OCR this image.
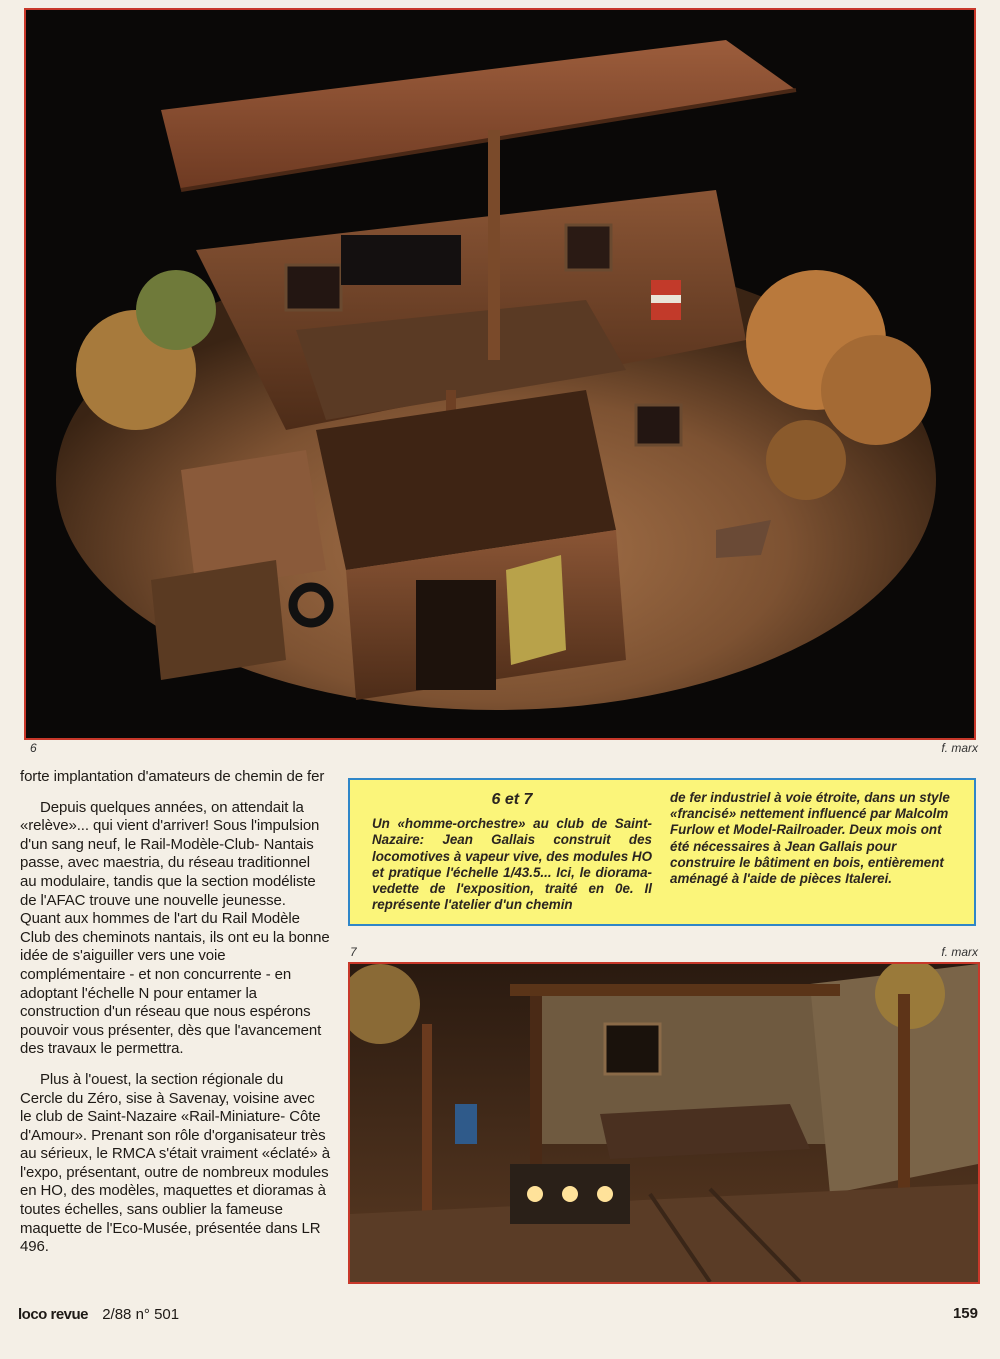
6	f. marx

forte implantation d'amateurs de chemin de fer

Depuis quelques années, on attendait la «relève»... qui vient d'arriver! Sous l'impulsion d'un sang neuf, le Rail-Modèle-Club- Nantais passe, avec maestria, du réseau traditionnel au modulaire, tandis que la section modéliste de l'AFAC trouve une nouvelle jeunesse. Quant aux hommes de l'art du Rail Modèle Club des cheminots nantais, ils ont eu la bonne idée de s'aiguiller vers une voie complémentaire - et non concurrente - en adoptant l'échelle N pour entamer la construction d'un réseau que nous espérons pouvoir vous présenter, dès que l'avancement des travaux le permettra.

Plus à l'ouest, la section régionale du Cercle du Zéro, sise à Savenay, voisine avec le club de Saint-Nazaire «Rail-Miniature- Côte d'Amour». Prenant son rôle d'organisateur très au sérieux, le RMCA s'était vraiment «éclaté» à l'expo, présentant, outre de nombreux modules en HO, des modèles, maquettes et dioramas à toutes échelles, sans oublier la fameuse maquette de l'Eco-Musée, présentée dans LR 496.

6 et 7
Un «homme-orchestre» au club de Saint-Nazaire: Jean Gallais construit des locomotives à vapeur vive, des modules HO et pratique l'échelle 1/43.5... Ici, le diorama-vedette de l'exposition, traité en 0e. Il représente l'atelier d'un chemin
de fer industriel à voie étroite, dans un style «francisé» nettement influencé par Malcolm Furlow et Model-Railroader. Deux mois ont été nécessaires à Jean Gallais pour construire le bâtiment en bois, entièrement aménagé à l'aide de pièces Italerei.
7	f. marx
loco revue 2/88 n° 501	159
